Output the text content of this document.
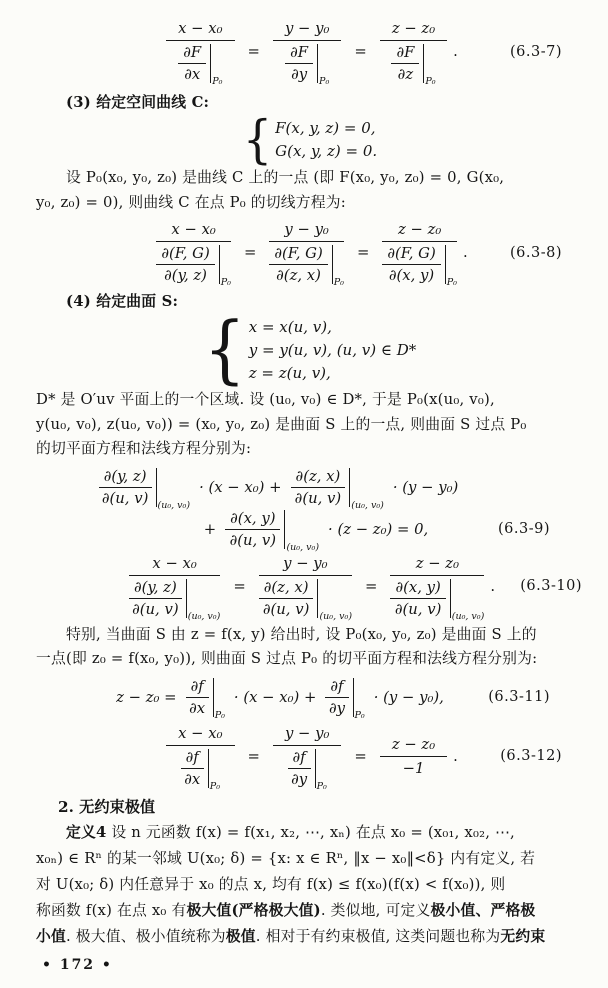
x − x₀
∂F
∂x P₀ = y − y₀
∂F
∂y P₀ = z − z₀
∂F
∂z P₀ .	(6.3-7)
(3) 给定空间曲线 C:
{ F(x, y, z) = 0,
G(x, y, z) = 0.
设 P₀(x₀, y₀, z₀) 是曲线 C 上的一点 (即 F(x₀, y₀, z₀) = 0, G(x₀,
y₀, z₀) = 0), 则曲线 C 在点 P₀ 的切线方程为:
x − x₀
∂(F, G)
∂(y, z) P₀
=
y − y₀
∂(F, G)
∂(z, x) P₀
=
z − z₀
∂(F, G)
∂(x, y) P₀
.	(6.3-8)
(4) 给定曲面 S:
{ x = x(u, v),
y = y(u, v), (u, v) ∈ D*
z = z(u, v),
D* 是 O′uv 平面上的一个区域. 设 (u₀, v₀) ∈ D*, 于是 P₀(x(u₀, v₀),
y(u₀, v₀), z(u₀, v₀)) = (x₀, y₀, z₀) 是曲面 S 上的一点, 则曲面 S 过点 P₀
的切平面方程和法线方程分别为:
∂(y, z)
∂(u, v) (u₀, v₀)
· (x − x₀) +
∂(z, x)
∂(u, v) (u₀, v₀)
· (y − y₀)
+
∂(x, y)
∂(u, v) (u₀, v₀)
· (z − z₀) = 0,	(6.3-9)
x − x₀
∂(y, z)
∂(u, v) (u₀, v₀)
=
y − y₀
∂(z, x)
∂(u, v) (u₀, v₀)
=
z − z₀
∂(x, y)
∂(u, v) (u₀, v₀)
. (6.3-10)
特别, 当曲面 S 由 z = f(x, y) 给出时, 设 P₀(x₀, y₀, z₀) 是曲面 S 上的
一点(即 z₀ = f(x₀, y₀)), 则曲面 S 过点 P₀ 的切平面方程和法线方程分别为:
z − z₀ =
∂f
∂x P₀
· (x − x₀) +
∂f
∂y P₀
· (y − y₀),	(6.3-11)
x − x₀
∂f
∂x P₀ = y − y₀
∂f
∂y $P_0 = \frac{\text{z − z₀}}{-1}$ .	(6.3-12)
2. 无约束极值
定义4 设 n 元函数 f(x) = f(x₁, x₂, ⋯, xₙ) 在点 x₀ = (x₀₁, x₀₂, ⋯,
x₀ₙ) ∈ Rⁿ 的某一邻域 U(x₀; δ) = {x: x ∈ Rⁿ, ‖x − x₀‖<δ} 内有定义, 若
对 U(x₀; δ) 内任意异于 x₀ 的点 x, 均有 f(x) ≤ f(x₀)(f(x) < f(x₀)), 则
称函数 f(x) 在点 x₀ 有极大值(严格极大值). 类似地, 可定义极小值、严格极
小值. 极大值、极小值统称为极值. 相对于有约束极值, 这类问题也称为无约束
• 172 •
